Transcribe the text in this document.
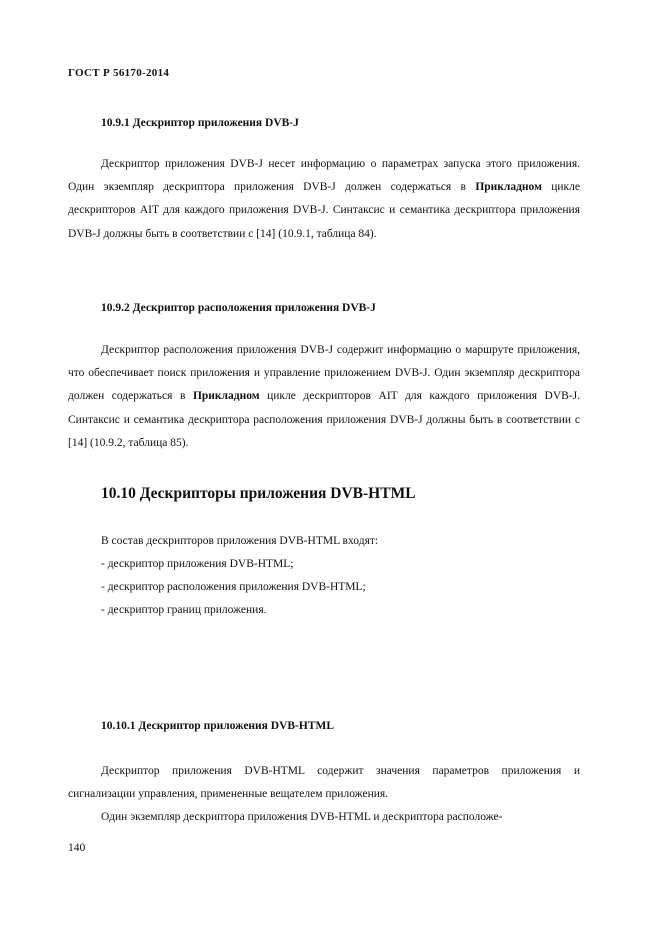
ГОСТ Р 56170-2014
10.9.1 Дескриптор приложения DVB-J
Дескриптор приложения DVB-J несет информацию о параметрах запуска этого приложения. Один экземпляр дескриптора приложения DVB-J должен содержаться в Прикладном цикле дескрипторов AIT для каждого приложения DVB-J. Синтаксис и семантика дескриптора приложения DVB-J должны быть в соответствии с [14] (10.9.1, таблица 84).
10.9.2 Дескриптор расположения приложения DVB-J
Дескриптор расположения приложения DVB-J содержит информацию о маршруте приложения, что обеспечивает поиск приложения и управление приложением DVB-J. Один экземпляр дескриптора должен содержаться в Прикладном цикле дескрипторов AIT для каждого приложения DVB-J. Синтаксис и семантика дескриптора расположения приложения DVB-J должны быть в соответствии с [14] (10.9.2, таблица 85).
10.10 Дескрипторы приложения DVB-HTML
В состав дескрипторов приложения DVB-HTML входят:
- дескриптор приложения DVB-HTML;
- дескриптор расположения приложения DVB-HTML;
- дескриптор границ приложения.
10.10.1 Дескриптор приложения DVB-HTML
Дескриптор приложения DVB-HTML содержит значения параметров приложения и сигнализации управления, примененные вещателем приложения.
Один экземпляр дескриптора приложения DVB-HTML и дескриптора расположе-
140
